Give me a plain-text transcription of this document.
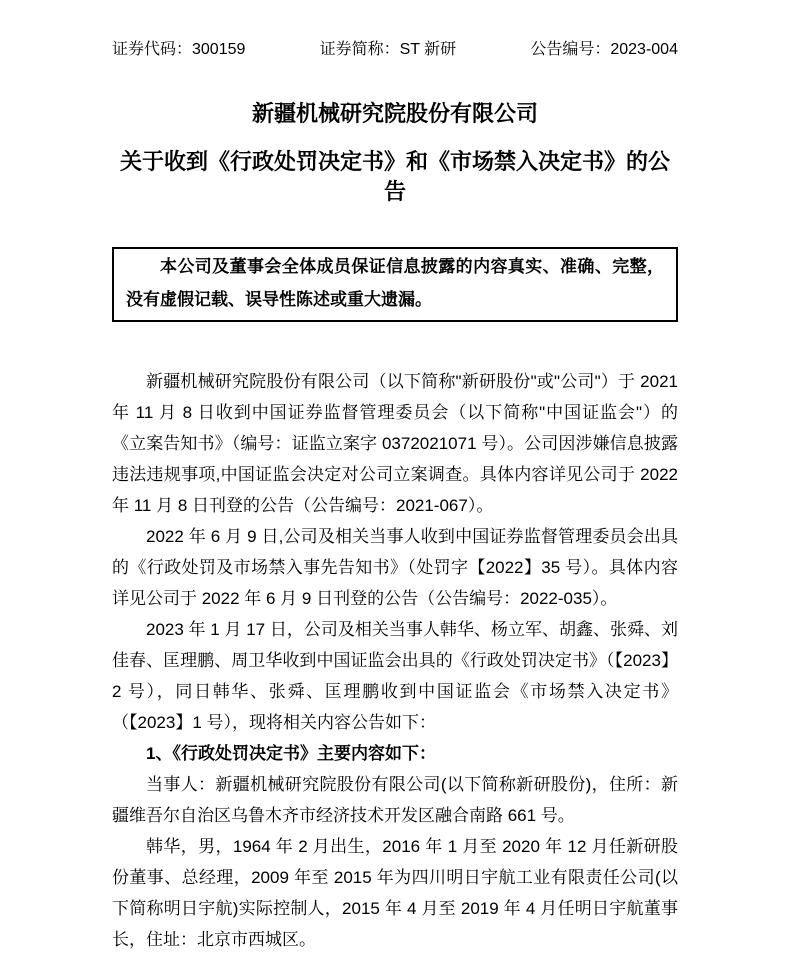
证券代码：300159	证券简称：ST 新研	公告编号：2023-004
新疆机械研究院股份有限公司
关于收到《行政处罚决定书》和《市场禁入决定书》的公告

本公司及董事会全体成员保证信息披露的内容真实、准确、完整，没有虚假记载、误导性陈述或重大遗漏。

新疆机械研究院股份有限公司（以下简称"新研股份"或"公司"）于 2021 年 11 月 8 日收到中国证券监督管理委员会（以下简称"中国证监会"）的《立案告知书》（编号：证监立案字 0372021071 号）。公司因涉嫌信息披露违法违规事项,中国证监会决定对公司立案调查。具体内容详见公司于 2022 年 11 月 8 日刊登的公告（公告编号：2021-067）。

2022 年 6 月 9 日,公司及相关当事人收到中国证券监督管理委员会出具的《行政处罚及市场禁入事先告知书》（处罚字【2022】35 号）。具体内容详见公司于 2022 年 6 月 9 日刊登的公告（公告编号：2022-035）。

2023 年 1 月 17 日，公司及相关当事人韩华、杨立军、胡鑫、张舜、刘佳春、匡理鹏、周卫华收到中国证监会出具的《行政处罚决定书》（【2023】2 号），同日韩华、张舜、匡理鹏收到中国证监会《市场禁入决定书》（【2023】1 号），现将相关内容公告如下：

1、《行政处罚决定书》主要内容如下：

当事人：新疆机械研究院股份有限公司(以下简称新研股份)，住所：新疆维吾尔自治区乌鲁木齐市经济技术开发区融合南路 661 号。

韩华，男，1964 年 2 月出生，2016 年 1 月至 2020 年 12 月任新研股份董事、总经理，2009 年至 2015 年为四川明日宇航工业有限责任公司(以下简称明日宇航)实际控制人，2015 年 4 月至 2019 年 4 月任明日宇航董事长，住址：北京市西城区。
